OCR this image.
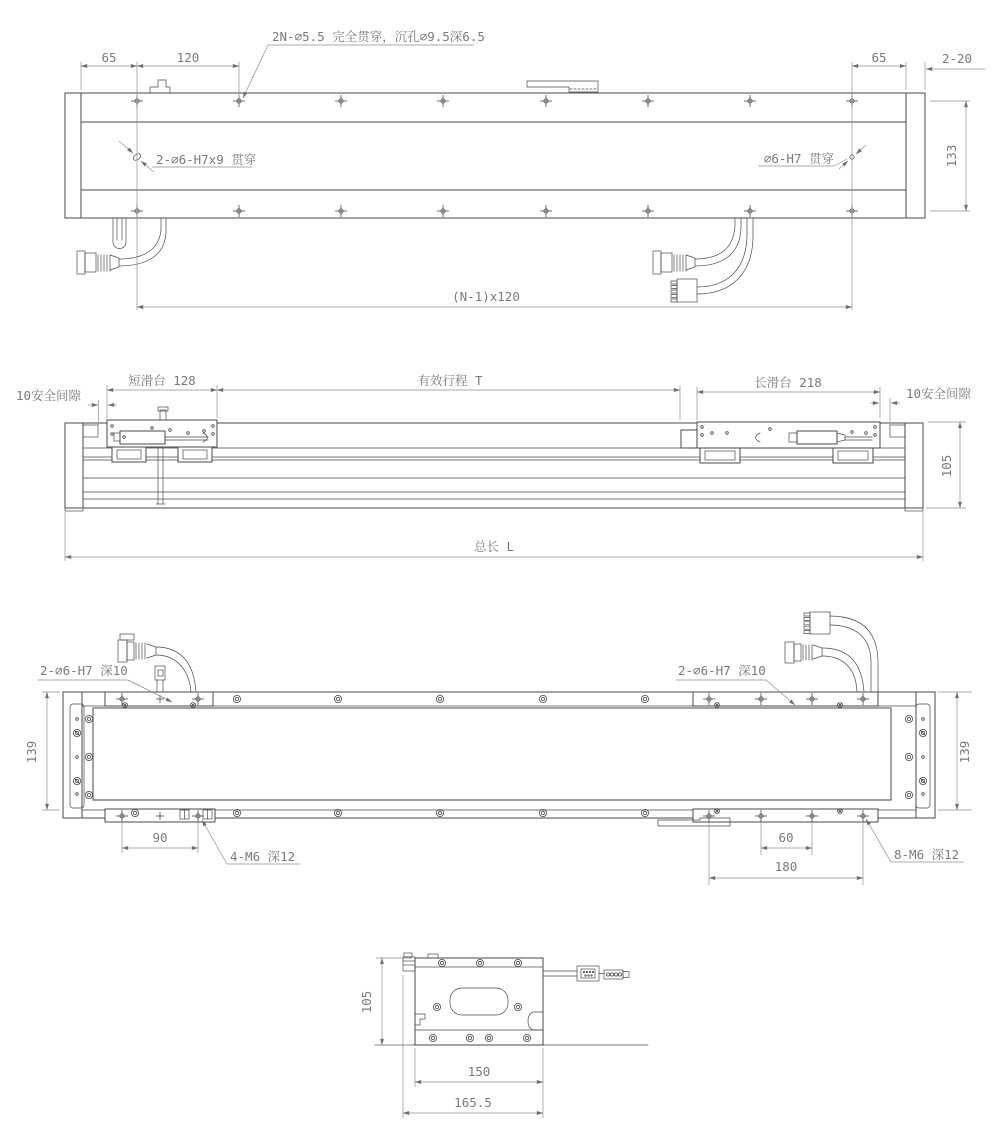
65	120	65	2-20
133
2N-∅5.5 完全贯穿，沉孔∅9.5深6.5
2-∅6-H7x9 贯穿	∅6-H7 贯穿
(N-1)x120
10安全间隙
短滑台 128	有效行程 T	长滑台 218
10安全间隙
105
总长 L
2-∅6-H7 深10	2-∅6-H7 深10
139	139
90
4-M6 深12
60
180
8-M6 深12
105
150
165.5
